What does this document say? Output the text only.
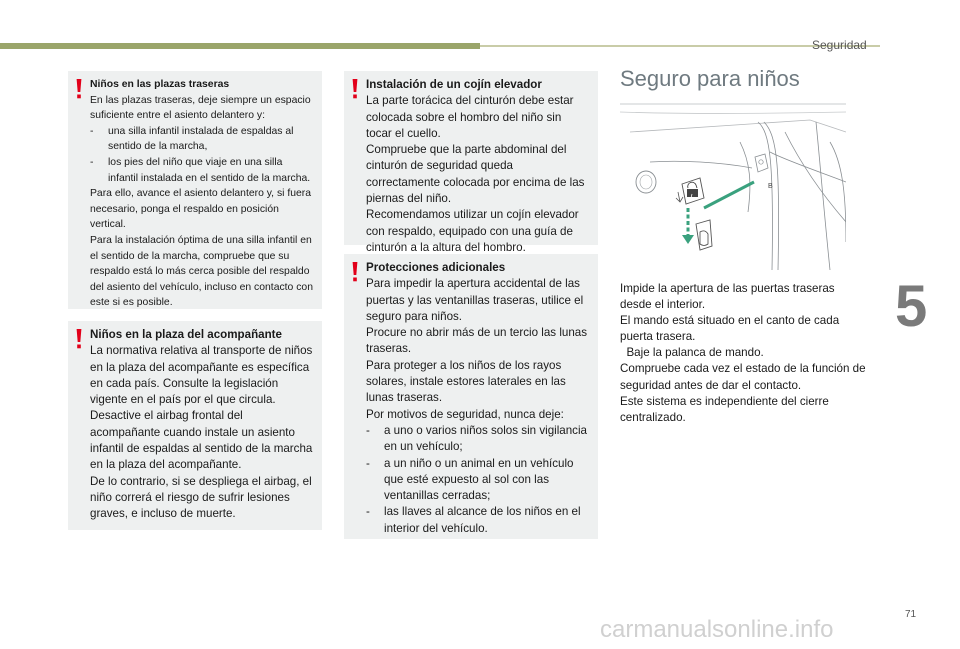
Seguridad
Niños en las plazas traseras

En las plazas traseras, deje siempre un espacio suficiente entre el asiento delantero y:

- una silla infantil instalada de espaldas al sentido de la marcha,
- los pies del niño que viaje en una silla infantil instalada en el sentido de la marcha.

Para ello, avance el asiento delantero y, si fuera necesario, ponga el respaldo en posición vertical.

Para la instalación óptima de una silla infantil en el sentido de la marcha, compruebe que su respaldo está lo más cerca posible del respaldo del asiento del vehículo, incluso en contacto con este si es posible.

Niños en la plaza del acompañante

La normativa relativa al transporte de niños en la plaza del acompañante es específica en cada país. Consulte la legislación vigente en el país por el que circula.

Desactive el airbag frontal del acompañante cuando instale un asiento infantil de espaldas al sentido de la marcha en la plaza del acompañante.

De lo contrario, si se despliega el airbag, el niño correrá el riesgo de sufrir lesiones graves, e incluso de muerte.

Instalación de un cojín elevador

La parte torácica del cinturón debe estar colocada sobre el hombro del niño sin tocar el cuello.

Compruebe que la parte abdominal del cinturón de seguridad queda correctamente colocada por encima de las piernas del niño.

Recomendamos utilizar un cojín elevador con respaldo, equipado con una guía de cinturón a la altura del hombro.

Protecciones adicionales

Para impedir la apertura accidental de las puertas y las ventanillas traseras, utilice el seguro para niños.

Procure no abrir más de un tercio las lunas traseras.

Para proteger a los niños de los rayos solares, instale estores laterales en las lunas traseras.

Por motivos de seguridad, nunca deje:

- a uno o varios niños solos sin vigilancia en un vehículo;
- a un niño o un animal en un vehículo que esté expuesto al sol con las ventanillas cerradas;
- las llaves al alcance de los niños en el interior del vehículo.
Seguro para niños
B

Impide la apertura de las puertas traseras desde el interior.

El mando está situado en el canto de cada puerta trasera.

Baje la palanca de mando.

Compruebe cada vez el estado de la función de seguridad antes de dar el contacto.

Este sistema es independiente del cierre centralizado.

5
71
carmanualsonline.info
